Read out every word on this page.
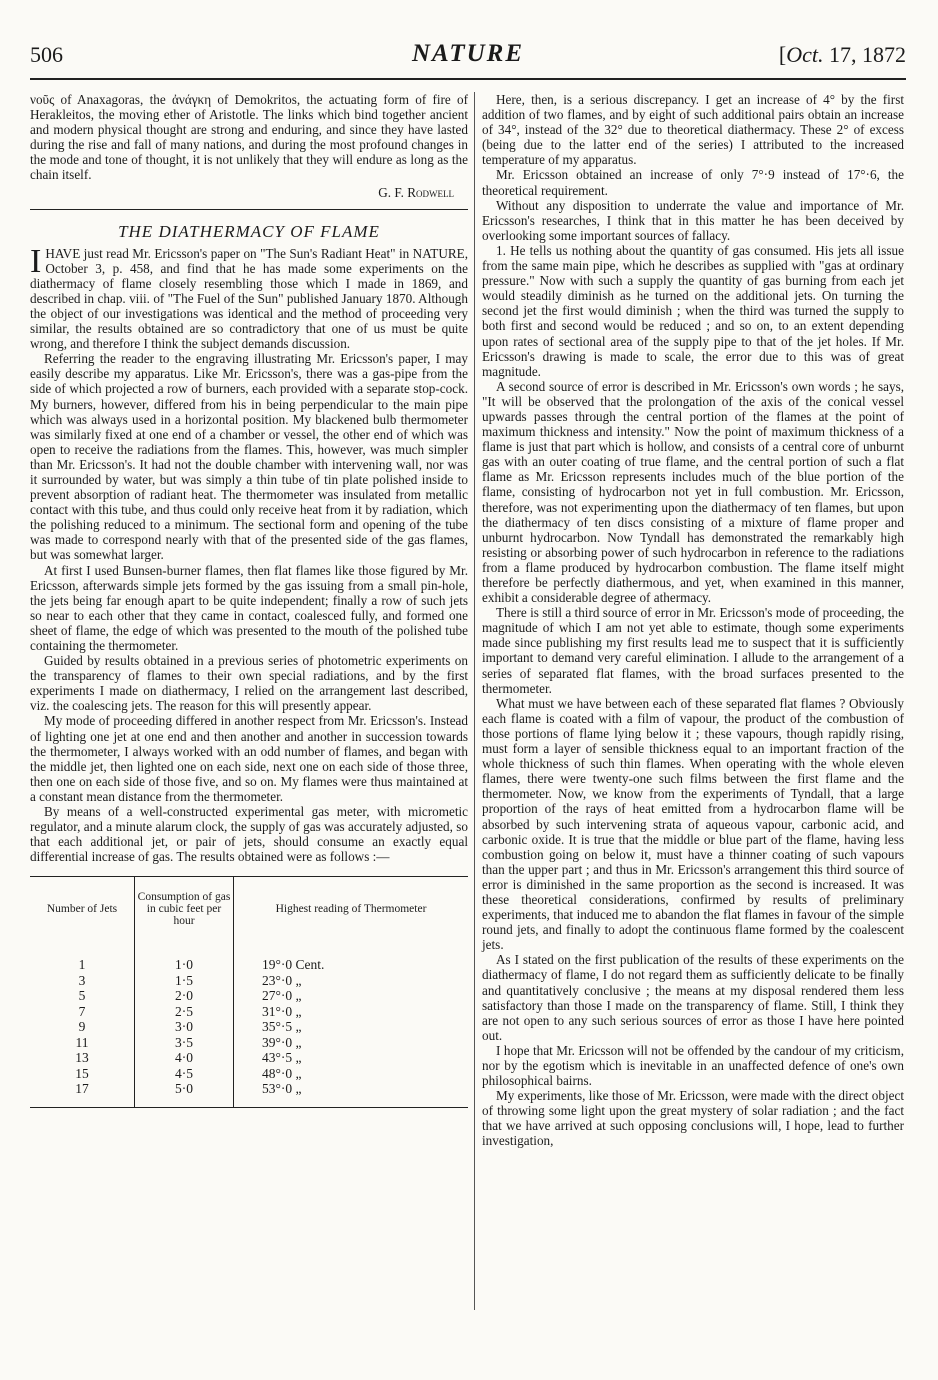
506	NATURE	[Oct. 17, 1872

νοῦς of Anaxagoras, the ἀνάγκη of Demokritos, the actuating form of fire of Herakleitos, the moving ether of Aristotle. The links which bind together ancient and modern physical thought are strong and enduring, and since they have lasted during the rise and fall of many nations, and during the most profound changes in the mode and tone of thought, it is not unlikely that they will endure as long as the chain itself.

G. F. Rodwell
THE DIATHERMACY OF FLAME

I HAVE just read Mr. Ericsson's paper on "The Sun's Radiant Heat" in NATURE, October 3, p. 458, and find that he has made some experiments on the diathermacy of flame closely resembling those which I made in 1869, and described in chap. viii. of "The Fuel of the Sun" published January 1870. Although the object of our investigations was identical and the method of proceeding very similar, the results obtained are so contradictory that one of us must be quite wrong, and therefore I think the subject demands discussion.

Referring the reader to the engraving illustrating Mr. Ericsson's paper, I may easily describe my apparatus. Like Mr. Ericsson's, there was a gas-pipe from the side of which projected a row of burners, each provided with a separate stop-cock. My burners, however, differed from his in being perpendicular to the main pipe which was always used in a horizontal position. My blackened bulb thermometer was similarly fixed at one end of a chamber or vessel, the other end of which was open to receive the radiations from the flames. This, however, was much simpler than Mr. Ericsson's. It had not the double chamber with intervening wall, nor was it surrounded by water, but was simply a thin tube of tin plate polished inside to prevent absorption of radiant heat. The thermometer was insulated from metallic contact with this tube, and thus could only receive heat from it by radiation, which the polishing reduced to a minimum. The sectional form and opening of the tube was made to correspond nearly with that of the presented side of the gas flames, but was somewhat larger.

At first I used Bunsen-burner flames, then flat flames like those figured by Mr. Ericsson, afterwards simple jets formed by the gas issuing from a small pin-hole, the jets being far enough apart to be quite independent; finally a row of such jets so near to each other that they came in contact, coalesced fully, and formed one sheet of flame, the edge of which was presented to the mouth of the polished tube containing the thermometer.

Guided by results obtained in a previous series of photometric experiments on the transparency of flames to their own special radiations, and by the first experiments I made on diathermacy, I relied on the arrangement last described, viz. the coalescing jets. The reason for this will presently appear.

My mode of proceeding differed in another respect from Mr. Ericsson's. Instead of lighting one jet at one end and then another and another in succession towards the thermometer, I always worked with an odd number of flames, and began with the middle jet, then lighted one on each side, next one on each side of those three, then one on each side of those five, and so on. My flames were thus maintained at a constant mean distance from the thermometer.

By means of a well-constructed experimental gas meter, with micrometic regulator, and a minute alarum clock, the supply of gas was accurately adjusted, so that each additional jet, or pair of jets, should consume an exactly equal differential increase of gas. The results obtained were as follows :—

Number of Jets	Consumption of gas in cubic feet per hour	Highest reading of Thermometer
1	1·0	19°·0 Cent.
3	1·5	23°·0 „
5	2·0	27°·0 „
7	2·5	31°·0 „
9	3·0	35°·5 „
11	3·5	39°·0 „
13	4·0	43°·5 „
15	4·5	48°·0 „
17	5·0	53°·0 „

Here, then, is a serious discrepancy. I get an increase of 4° by the first addition of two flames, and by eight of such additional pairs obtain an increase of 34°, instead of the 32° due to theoretical diathermacy. These 2° of excess (being due to the latter end of the series) I attributed to the increased temperature of my apparatus.

Mr. Ericsson obtained an increase of only 7°·9 instead of 17°·6, the theoretical requirement.

Without any disposition to underrate the value and importance of Mr. Ericsson's researches, I think that in this matter he has been deceived by overlooking some important sources of fallacy.

1. He tells us nothing about the quantity of gas consumed. His jets all issue from the same main pipe, which he describes as supplied with "gas at ordinary pressure." Now with such a supply the quantity of gas burning from each jet would steadily diminish as he turned on the additional jets. On turning the second jet the first would diminish ; when the third was turned the supply to both first and second would be reduced ; and so on, to an extent depending upon rates of sectional area of the supply pipe to that of the jet holes. If Mr. Ericsson's drawing is made to scale, the error due to this was of great magnitude.

A second source of error is described in Mr. Ericsson's own words ; he says, "It will be observed that the prolongation of the axis of the conical vessel upwards passes through the central portion of the flames at the point of maximum thickness and intensity." Now the point of maximum thickness of a flame is just that part which is hollow, and consists of a central core of unburnt gas with an outer coating of true flame, and the central portion of such a flat flame as Mr. Ericsson represents includes much of the blue portion of the flame, consisting of hydrocarbon not yet in full combustion. Mr. Ericsson, therefore, was not experimenting upon the diathermacy of ten flames, but upon the diathermacy of ten discs consisting of a mixture of flame proper and unburnt hydrocarbon. Now Tyndall has demonstrated the remarkably high resisting or absorbing power of such hydrocarbon in reference to the radiations from a flame produced by hydrocarbon combustion. The flame itself might therefore be perfectly diathermous, and yet, when examined in this manner, exhibit a considerable degree of athermacy.

There is still a third source of error in Mr. Ericsson's mode of proceeding, the magnitude of which I am not yet able to estimate, though some experiments made since publishing my first results lead me to suspect that it is sufficiently important to demand very careful elimination. I allude to the arrangement of a series of separated flat flames, with the broad surfaces presented to the thermometer.

What must we have between each of these separated flat flames ? Obviously each flame is coated with a film of vapour, the product of the combustion of those portions of flame lying below it ; these vapours, though rapidly rising, must form a layer of sensible thickness equal to an important fraction of the whole thickness of such thin flames. When operating with the whole eleven flames, there were twenty-one such films between the first flame and the thermometer. Now, we know from the experiments of Tyndall, that a large proportion of the rays of heat emitted from a hydrocarbon flame will be absorbed by such intervening strata of aqueous vapour, carbonic acid, and carbonic oxide. It is true that the middle or blue part of the flame, having less combustion going on below it, must have a thinner coating of such vapours than the upper part ; and thus in Mr. Ericsson's arrangement this third source of error is diminished in the same proportion as the second is increased. It was these theoretical considerations, confirmed by results of preliminary experiments, that induced me to abandon the flat flames in favour of the simple round jets, and finally to adopt the continuous flame formed by the coalescent jets.

As I stated on the first publication of the results of these experiments on the diathermacy of flame, I do not regard them as sufficiently delicate to be finally and quantitatively conclusive ; the means at my disposal rendered them less satisfactory than those I made on the transparency of flame. Still, I think they are not open to any such serious sources of error as those I have here pointed out.

I hope that Mr. Ericsson will not be offended by the candour of my criticism, nor by the egotism which is inevitable in an unaffected defence of one's own philosophical bairns.

My experiments, like those of Mr. Ericsson, were made with the direct object of throwing some light upon the great mystery of solar radiation ; and the fact that we have arrived at such opposing conclusions will, I hope, lead to further investigation,
